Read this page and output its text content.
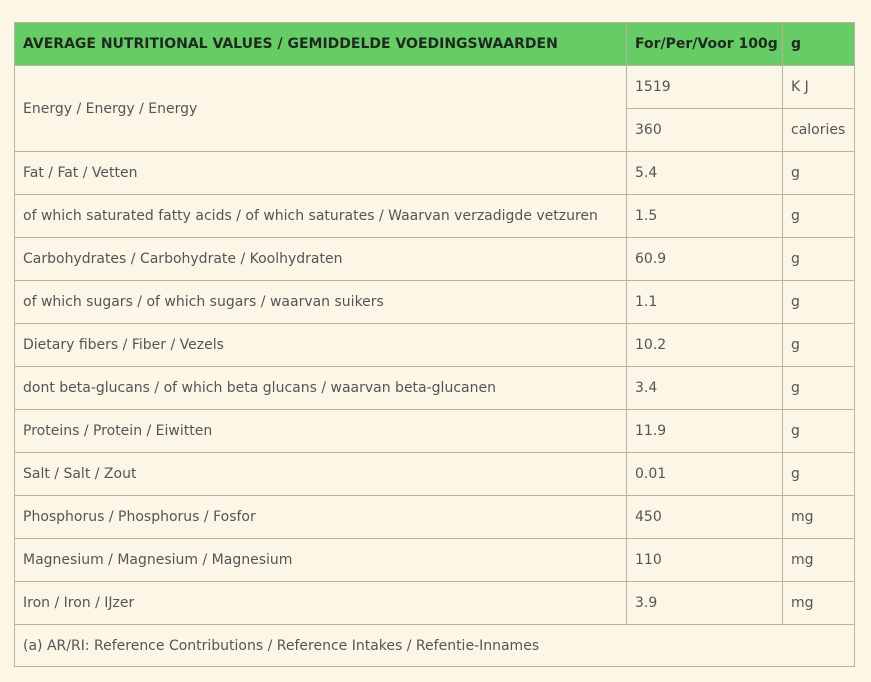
AVERAGE NUTRITIONAL VALUES / GEMIDDELDE VOEDINGSWAARDEN	For/Per/Voor 100g	g
Energy / Energy / Energy	1519	K J
	360	calories
Fat / Fat / Vetten	5.4	g
of which saturated fatty acids / of which saturates / Waarvan verzadigde vetzuren	1.5	g
Carbohydrates / Carbohydrate / Koolhydraten	60.9	g
of which sugars / of which sugars / waarvan suikers	1.1	g
Dietary fibers / Fiber / Vezels	10.2	g
dont beta-glucans / of which beta glucans / waarvan beta-glucanen	3.4	g
Proteins / Protein / Eiwitten	11.9	g
Salt / Salt / Zout	0.01	g
Phosphorus / Phosphorus / Fosfor	450	mg
Magnesium / Magnesium / Magnesium	110	mg
Iron / Iron / IJzer	3.9	mg
(a) AR/RI: Reference Contributions / Reference Intakes / Refentie-Innames		
